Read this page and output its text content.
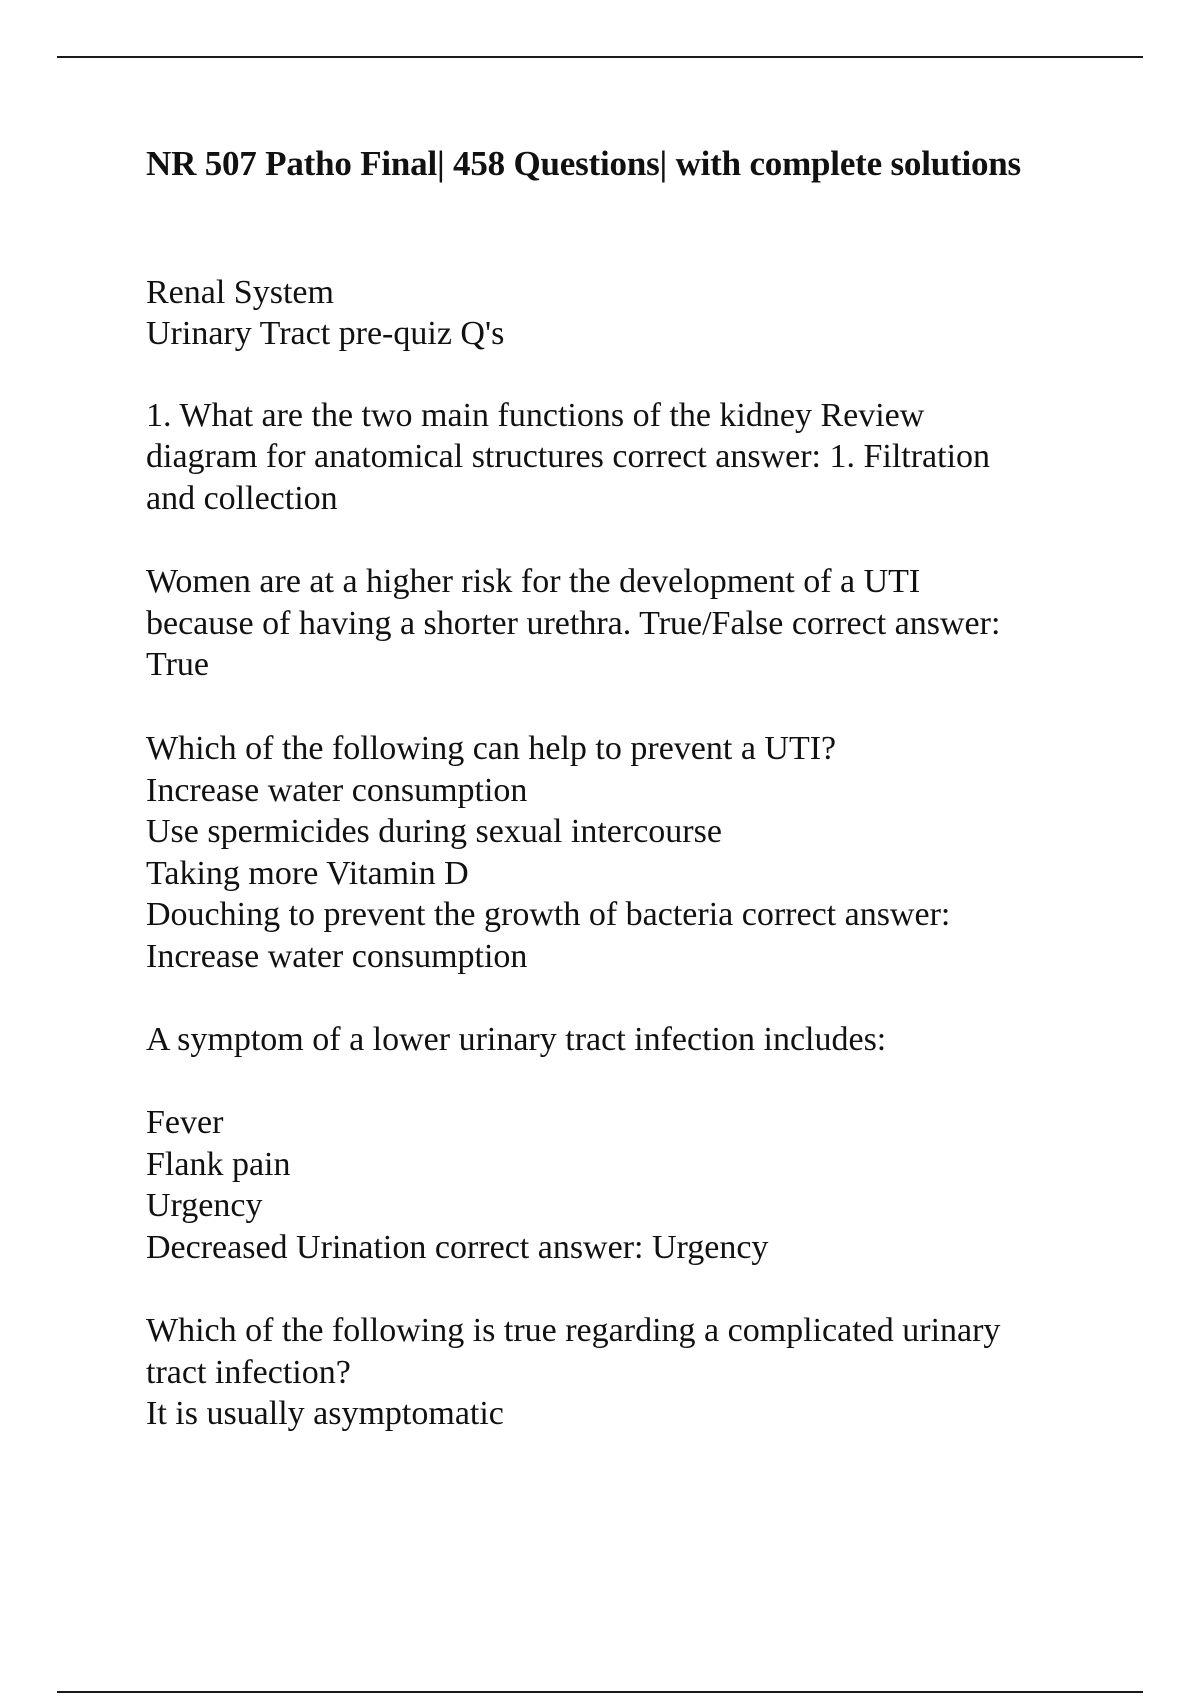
NR 507 Patho Final| 458 Questions| with complete solutions

Renal System

Urinary Tract pre-quiz Q's

1. What are the two main functions of the kidney Review

diagram for anatomical structures correct answer: 1. Filtration

and collection

Women are at a higher risk for the development of a UTI

because of having a shorter urethra. True/False correct answer:

True

Which of the following can help to prevent a UTI?

Increase water consumption

Use spermicides during sexual intercourse

Taking more Vitamin D

Douching to prevent the growth of bacteria correct answer:

Increase water consumption

A symptom of a lower urinary tract infection includes:

Fever

Flank pain

Urgency

Decreased Urination correct answer: Urgency

Which of the following is true regarding a complicated urinary

tract infection?

It is usually asymptomatic
